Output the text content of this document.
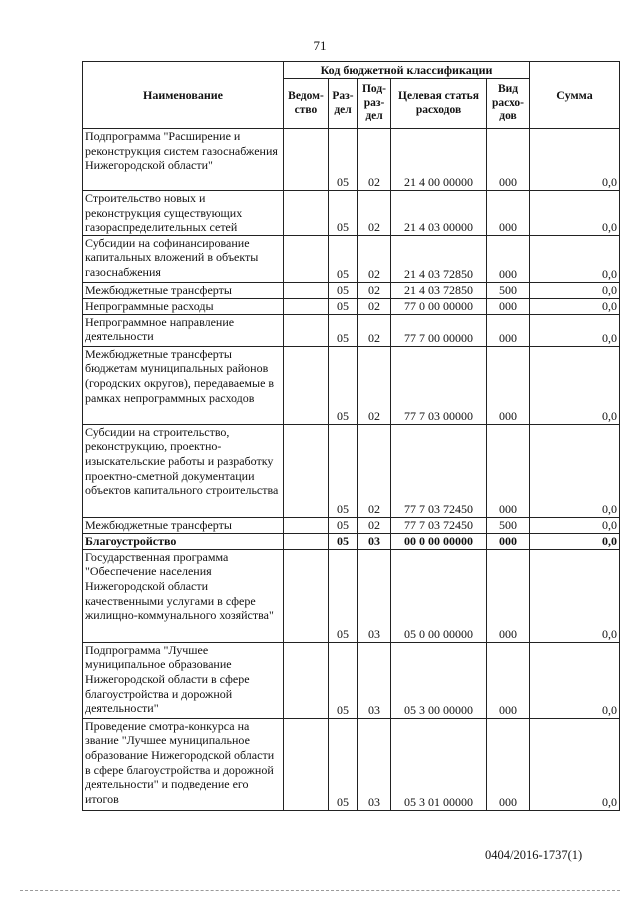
71
Наименование	Код бюджетной классификации					Сумма
	Ведом-ство	Раз-дел	Под-раз-дел	Целевая статья расходов	Вид расхо-дов	
Подпрограмма "Расширение и реконструкция систем газоснабжения Нижегородской области"		05	02	21 4 00 00000	000	0,0
Строительство новых и реконструкция существующих газораспределительных сетей		05	02	21 4 03 00000	000	0,0
Субсидии на софинансирование капитальных вложений в объекты газоснабжения		05	02	21 4 03 72850	000	0,0
Межбюджетные трансферты		05	02	21 4 03 72850	500	0,0
Непрограммные расходы		05	02	77 0 00 00000	000	0,0
Непрограммное направление деятельности		05	02	77 7 00 00000	000	0,0
Межбюджетные трансферты бюджетам муниципальных районов (городских округов), передаваемые в рамках непрограммных расходов		05	02	77 7 03 00000	000	0,0
Субсидии на строительство, реконструкцию, проектно-изыскательские работы и разработку проектно-сметной документации объектов капитального строительства		05	02	77 7 03 72450	000	0,0
Межбюджетные трансферты		05	02	77 7 03 72450	500	0,0
Благоустройство		05	03	00 0 00 00000	000	0,0
Государственная программа "Обеспечение населения Нижегородской области качественными услугами в сфере жилищно-коммунального хозяйства"		05	03	05 0 00 00000	000	0,0
Подпрограмма "Лучшее муниципальное образование Нижегородской области в сфере благоустройства и дорожной деятельности"		05	03	05 3 00 00000	000	0,0
Проведение смотра-конкурса на звание "Лучшее муниципальное образование Нижегородской области в сфере благоустройства и дорожной деятельности" и подведение его итогов		05	03	05 3 01 00000	000	0,0
0404/2016-1737(1)
